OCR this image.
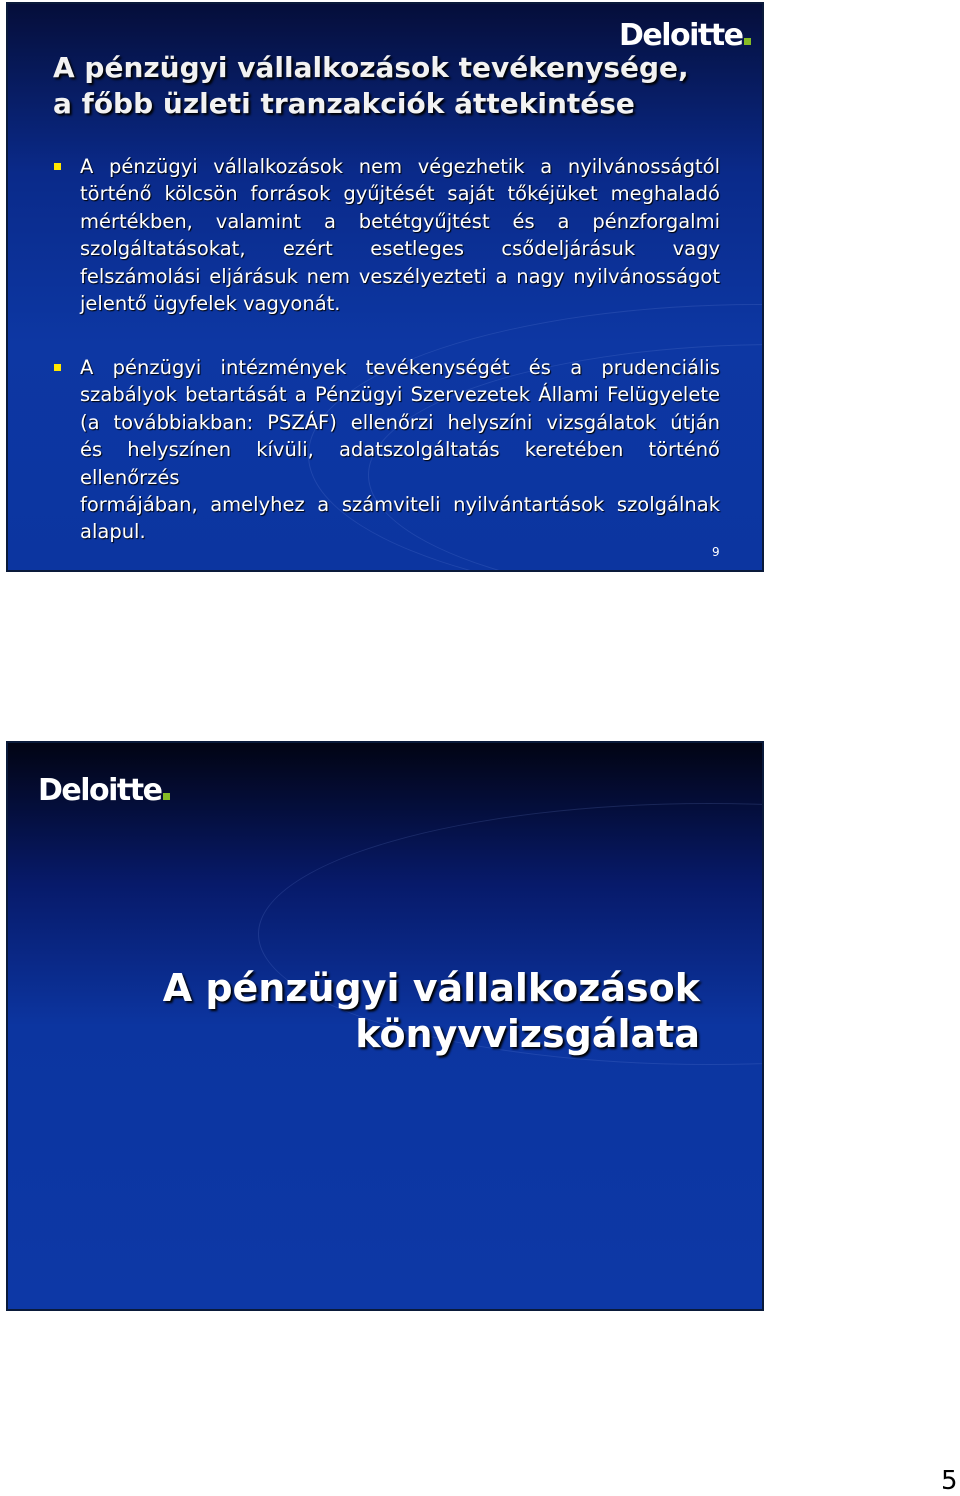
Deloitte
A pénzügyi vállalkozások tevékenysége,
a főbb üzleti tranzakciók áttekintése
A pénzügyi vállalkozások nem végezhetik a nyilvánosságtól
történő kölcsön források gyűjtését saját tőkéjüket meghaladó
mértékben, valamint a betétgyűjtést és a pénzforgalmi
szolgáltatásokat, ezért esetleges csődeljárásuk vagy
felszámolási eljárásuk nem veszélyezteti a nagy nyilvánosságot
jelentő ügyfelek vagyonát.
A pénzügyi intézmények tevékenységét és a prudenciális
szabályok betartását a Pénzügyi Szervezetek Állami Felügyelete
(a továbbiakban: PSZÁF) ellenőrzi helyszíni vizsgálatok útján
és helyszínen kívüli, adatszolgáltatás keretében történő ellenőrzés
formájában, amelyhez a számviteli nyilvántartások szolgálnak
alapul.
9
Deloitte
A pénzügyi vállalkozások
könyvvizsgálata
5
